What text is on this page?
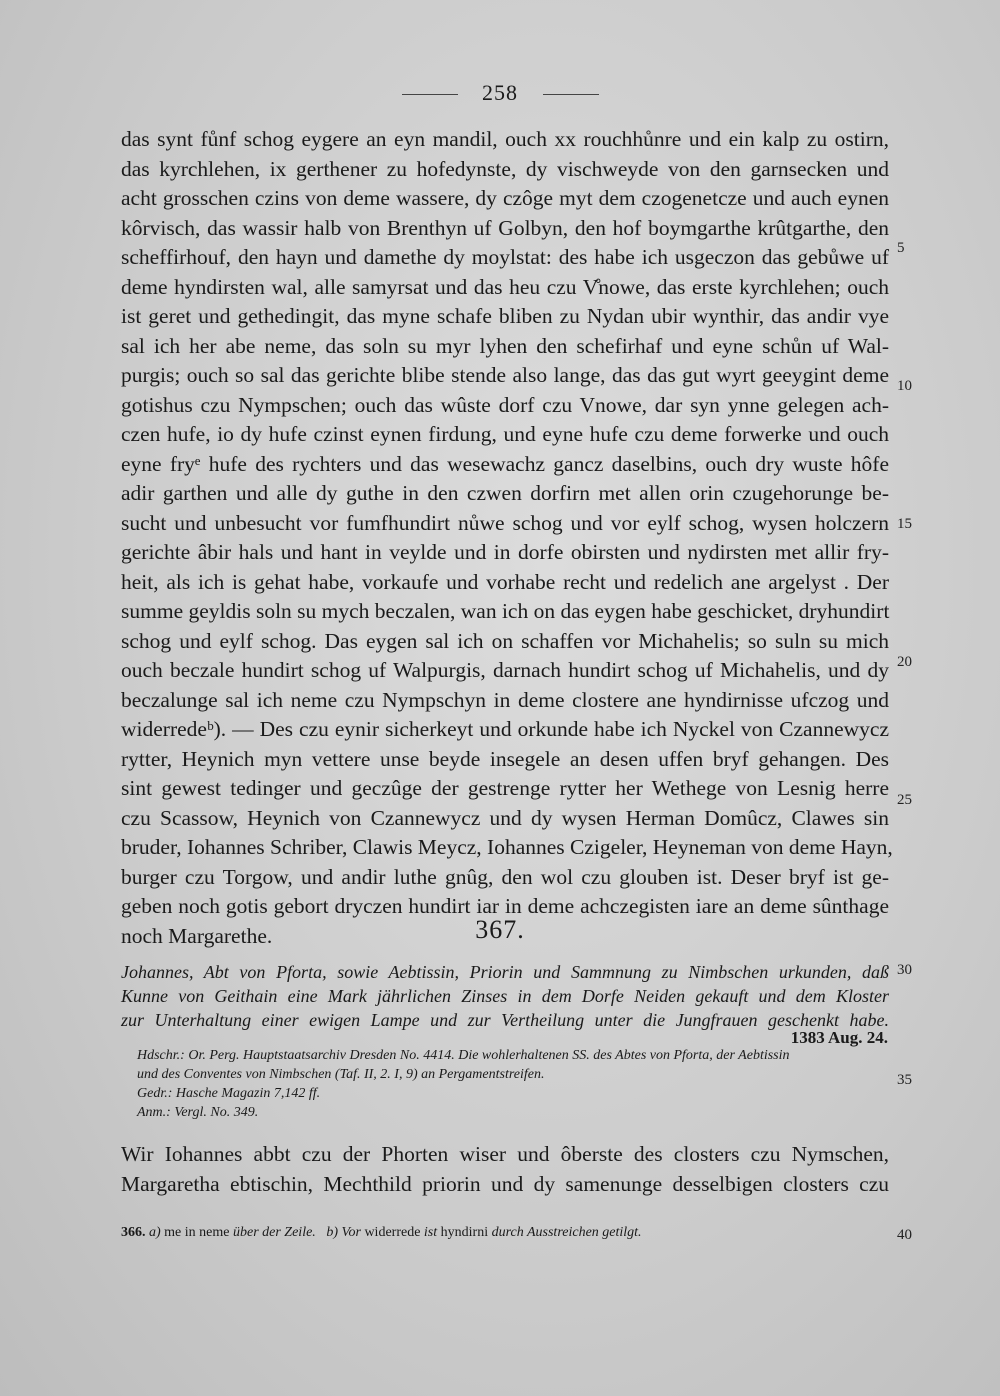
258
das synt fůnf schog eygere an eyn mandil, ouch xx rouchhůnre und ein kalp zu ostirn,
das kyrchlehen, ix gerthener zu hofedynste, dy vischweyde von den garnsecken und
acht grosschen czins von deme wassere, dy czôge myt dem czogenetcze und auch eynen
kôrvisch, das wassir halb von Brenthyn uf Golbyn, den hof boymgarthe krûtgarthe, den
scheffirhouf, den hayn und damethe dy moylstat: des habe ich usgeczon das gebůwe uf
deme hyndirsten wal, alle samyrsat und das heu czu V̊nowe, das erste kyrchlehen; ouch
ist geret und gethedingit, das myne schafe bliben zu Nydan ubir wynthir, das andir vye
sal ich her abe neme, das soln su myr lyhen den schefirhaf und eyne schůn uf Wal-
purgis; ouch so sal das gerichte blibe stende also lange, das das gut wyrt geeygint deme
gotishus czu Nympschen; ouch das wûste dorf czu Vnowe, dar syn ynne gelegen ach-
czen hufe, io dy hufe czinst eynen firdung, und eyne hufe czu deme forwerke und ouch
eyne fryᵉ hufe des rychters und das wesewachz gancz daselbins, ouch dry wuste hôfe
adir garthen und alle dy guthe in den czwen dorfirn met allen orin czugehorunge be-
sucht und unbesucht vor fumfhundirt nůwe schog und vor eylf schog, wysen holczern
gerichte âbir hals und hant in veylde und in dorfe obirsten und nydirsten met allir fry-
heit, als ich is gehat habe, vorkaufe und vorhabe recht und redelich ane argelyst . Der
summe geyldis soln su mych beczalen, wan ich on das eygen habe geschicket, dryhundirt
schog und eylf schog. Das eygen sal ich on schaffen vor Michahelis; so suln su mich
ouch beczale hundirt schog uf Walpurgis, darnach hundirt schog uf Michahelis, und dy
beczalunge sal ich neme czu Nympschyn in deme clostere ane hyndirnisse ufczog und
widerredeᵇ). — Des czu eynir sicherkeyt und orkunde habe ich Nyckel von Czannewycz
rytter, Heynich myn vettere unse beyde insegele an desen uffen bryf gehangen. Des
sint gewest tedinger und geczûge der gestrenge rytter her Wethege von Lesnig herre
czu Scassow, Heynich von Czannewycz und dy wysen Herman Domûcz, Clawes sin
bruder, Iohannes Schriber, Clawis Meycz, Iohannes Czigeler, Heyneman von deme Hayn,
burger czu Torgow, und andir luthe gnûg, den wol czu glouben ist. Deser bryf ist ge-
geben noch gotis gebort dryczen hundirt iar in deme achczegisten iare an deme sûnthage
noch Margarethe.
5
10
15
20
25
367.
Johannes, Abt von Pforta, sowie Aebtissin, Priorin und Sammnung zu Nimbschen urkunden, daß
Kunne von Geithain eine Mark jährlichen Zinses in dem Dorfe Neiden gekauft und dem Kloster
zur Unterhaltung einer ewigen Lampe und zur Vertheilung unter die Jungfrauen geschenkt habe.
30
35
1383 Aug. 24.
Hdschr.: Or. Perg. Hauptstaatsarchiv Dresden No. 4414. Die wohlerhaltenen SS. des Abtes von Pforta, der Aebtissin
und des Conventes von Nimbschen (Taf. II, 2. I, 9) an Pergamentstreifen.
Gedr.: Hasche Magazin 7,142 ff.
Anm.: Vergl. No. 349.
Wir Iohannes abbt czu der Phorten wiser und ôberste des closters czu Nymschen,
Margaretha ebtischin, Mechthild priorin und dy samenunge desselbigen closters czu
366. a) me in neme über der Zeile. b) Vor widerrede ist hyndirni durch Ausstreichen getilgt.	40
